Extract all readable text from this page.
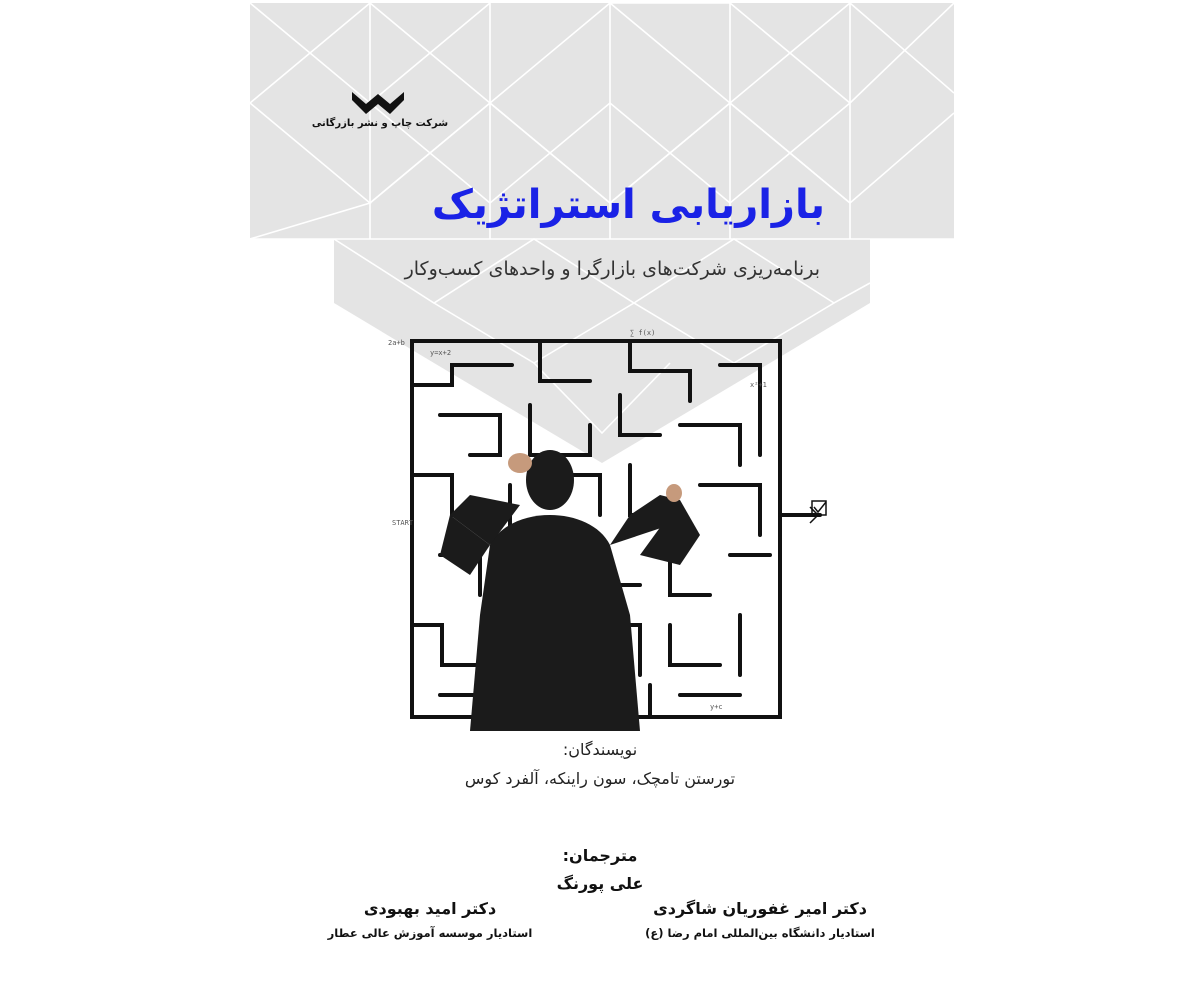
شرکت چاپ و نشر بازرگانی
بازاریابی استراتژیک
برنامه‌ریزی شرکت‌های بازارگرا و واحدهای کسب‌وکار
2a+b
y=x+2
∑ f(x)
x²+1
START
y+c
نویسندگان:
تورستن تامچک، سون راینکه، آلفرد کوس
مترجمان:
علی پورنگ
دکتر امیر غفوریان شاگردی
استادیار دانشگاه بین‌المللی امام رضا (ع)
دکتر امید بهبودی
استادیار موسسه آموزش عالی عطار
